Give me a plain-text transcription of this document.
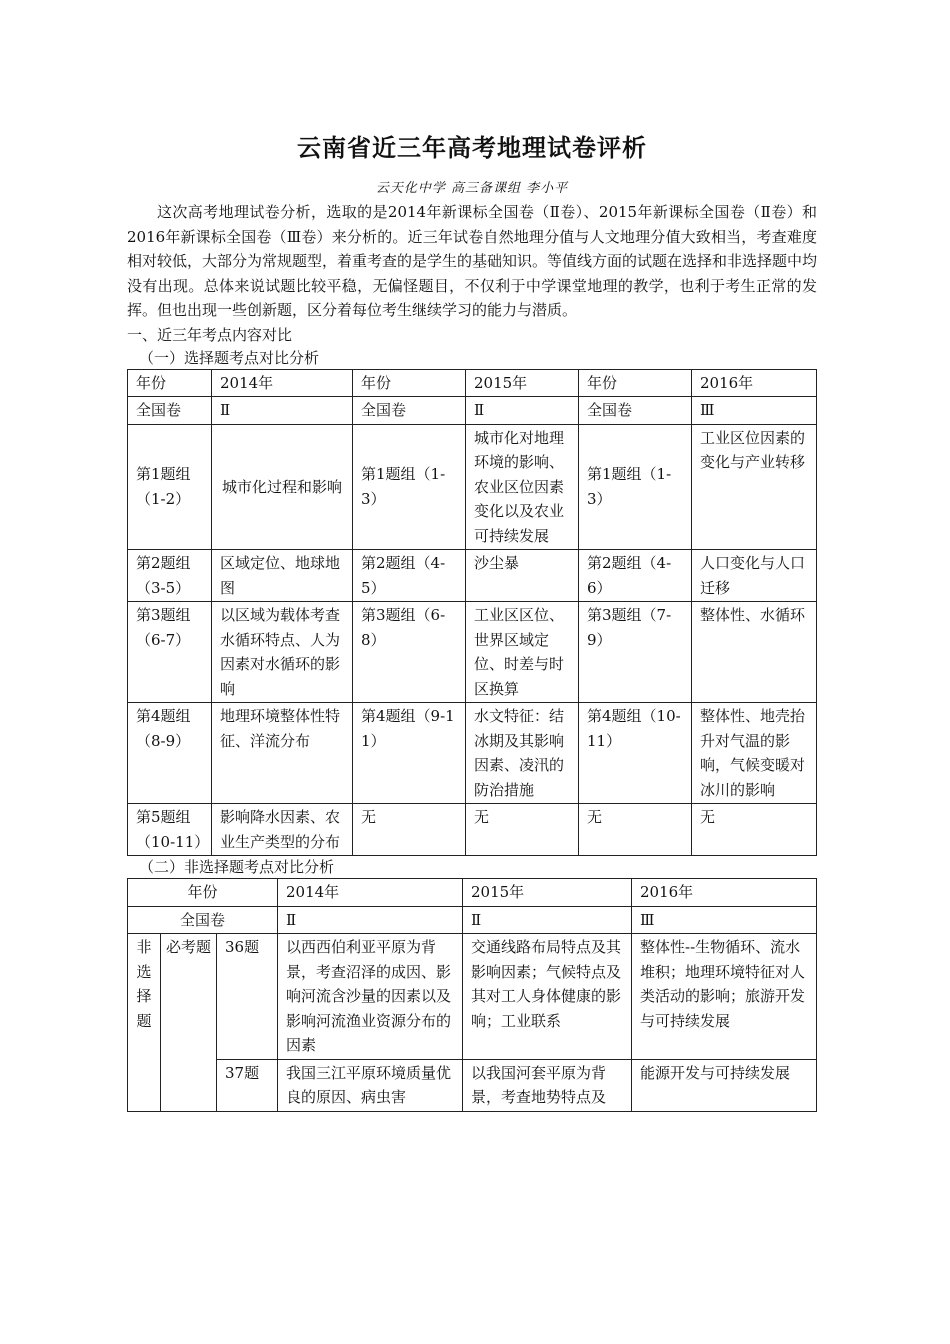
云南省近三年高考地理试卷评析
云天化中学 高三备课组 李小平

这次高考地理试卷分析，选取的是2014年新课标全国卷（Ⅱ卷）、2015年新课标全国卷（Ⅱ卷）和2016年新课标全国卷（Ⅲ卷）来分析的。近三年试卷自然地理分值与人文地理分值大致相当，考查难度相对较低，大部分为常规题型，着重考查的是学生的基础知识。等值线方面的试题在选择和非选择题中均没有出现。总体来说试题比较平稳，无偏怪题目，不仅利于中学课堂地理的教学，也利于考生正常的发挥。但也出现一些创新题，区分着每位考生继续学习的能力与潜质。

一、近三年考点内容对比

（一）选择题考点对比分析

年份	2014年	年份	2015年	年份	2016年
全国卷	Ⅱ	全国卷	Ⅱ	全国卷	Ⅲ
第1题组（1-2）	城市化过程和影响	第1题组（1-3）	城市化对地理环境的影响、农业区位因素变化以及农业可持续发展	第1题组（1-3）	工业区位因素的变化与产业转移
第2题组（3-5）	区域定位、地球地图	第2题组（4-5）	沙尘暴	第2题组（4-6）	人口变化与人口迁移
第3题组（6-7）	以区域为载体考查水循环特点、人为因素对水循环的影响	第3题组（6-8）	工业区区位、世界区域定位、时差与时区换算	第3题组（7-9）	整体性、水循环
第4题组（8-9）	地理环境整体性特征、洋流分布	第4题组（9-11）	水文特征：结冰期及其影响因素、凌汛的防治措施	第4题组（10-11）	整体性、地壳抬升对气温的影响，气候变暖对冰川的影响
第5题组（10-11）	影响降水因素、农业生产类型的分布	无	无	无	无

（二）非选择题考点对比分析

年份			2014年	2015年	2016年
全国卷			Ⅱ	Ⅱ	Ⅲ
非选择题	必考题	36题	以西西伯利亚平原为背景，考查沼泽的成因、影响河流含沙量的因素以及影响河流渔业资源分布的因素	交通线路布局特点及其影响因素；气候特点及其对工人身体健康的影响；工业联系	整体性--生物循环、流水堆积；地理环境特征对人类活动的影响；旅游开发与可持续发展
		37题	我国三江平原环境质量优良的原因、病虫害	以我国河套平原为背景，考查地势特点及	能源开发与可持续发展
